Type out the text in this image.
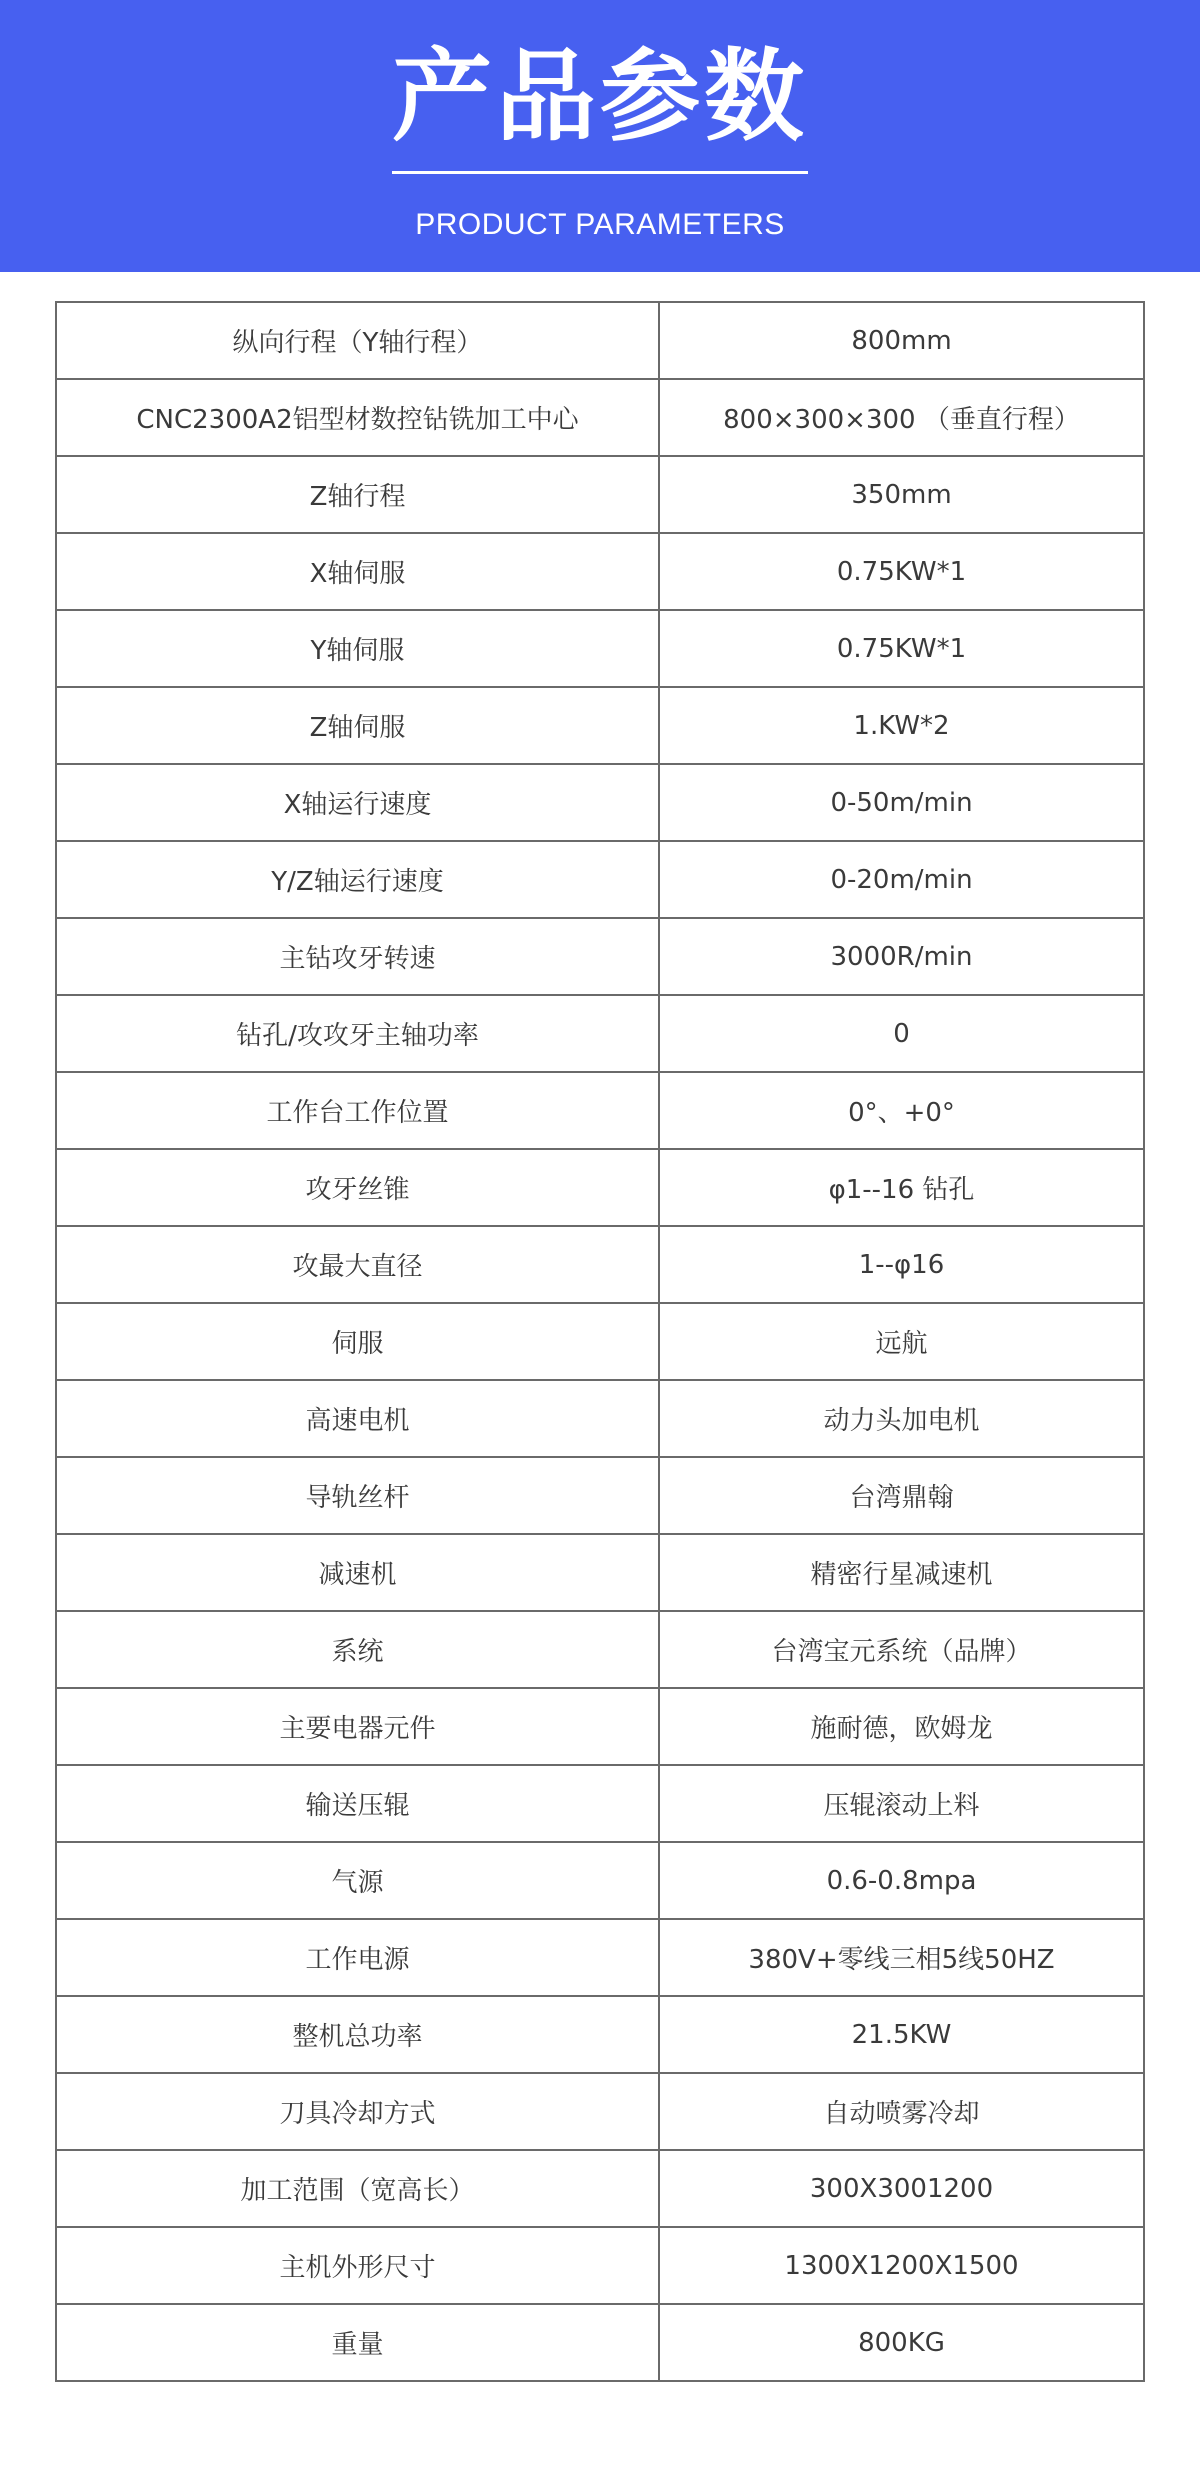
产品参数
PRODUCT PARAMETERS
纵向行程（Y轴行程）	800mm
CNC2300A2铝型材数控钻铣加工中心	800×300×300 （垂直行程）
Z轴行程	350mm
X轴伺服	0.75KW*1
Y轴伺服	0.75KW*1
Z轴伺服	1.KW*2
X轴运行速度	0-50m/min
Y/Z轴运行速度	0-20m/min
主钻攻牙转速	3000R/min
钻孔/攻攻牙主轴功率	0
工作台工作位置	0°、+0°
攻牙丝锥	φ1--16 钻孔
攻最大直径	1--φ16
伺服	远航
高速电机	动力头加电机
导轨丝杆	台湾鼎翰
减速机	精密行星减速机
系统	台湾宝元系统（品牌）
主要电器元件	施耐德，欧姆龙
输送压辊	压辊滚动上料
气源	0.6-0.8mpa
工作电源	380V+零线三相5线50HZ
整机总功率	21.5KW
刀具冷却方式	自动喷雾冷却
加工范围（宽高长）	300X3001200
主机外形尺寸	1300X1200X1500
重量	800KG
